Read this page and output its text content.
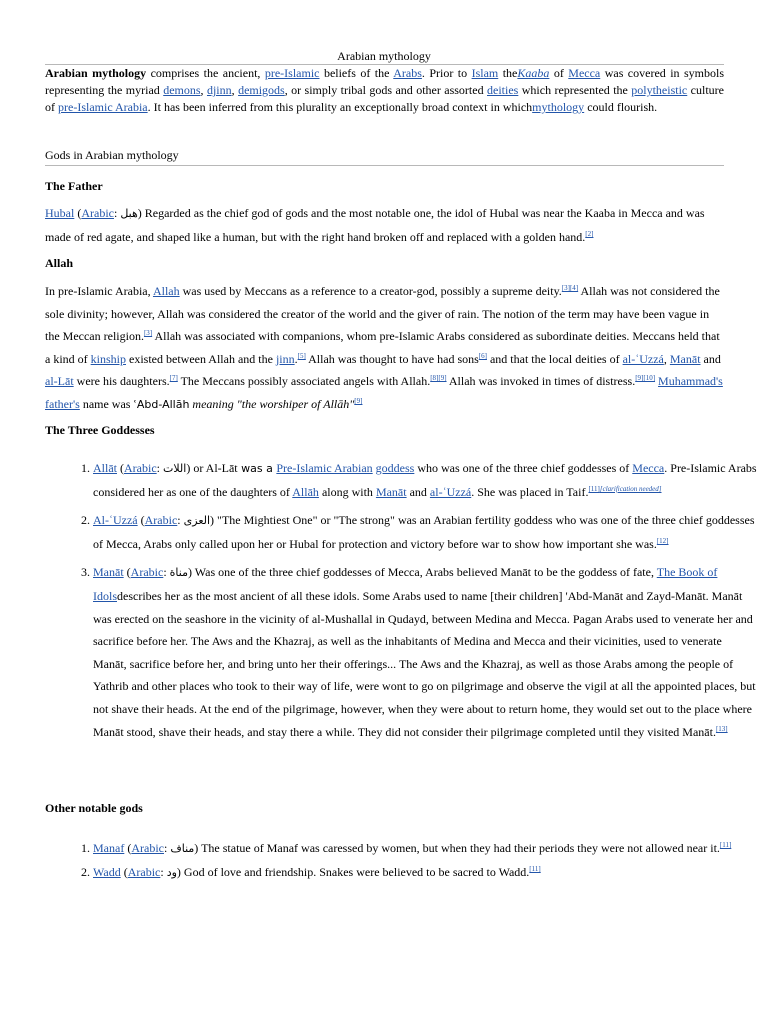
Arabian mythology

Arabian mythology comprises the ancient, pre-Islamic beliefs of the Arabs. Prior to Islam theKaaba of Mecca was covered in symbols representing the myriad demons, djinn, demigods, or simply tribal gods and other assorted deities which represented the polytheistic culture of pre-Islamic Arabia. It has been inferred from this plurality an exceptionally broad context in whichmythology could flourish.

Gods in Arabian mythology
The Father

Hubal (Arabic: هبل) Regarded as the chief god of gods and the most notable one, the idol of Hubal was near the Kaaba in Mecca and was made of red agate, and shaped like a human, but with the right hand broken off and replaced with a golden hand.[2]

Allah

In pre-Islamic Arabia, Allah was used by Meccans as a reference to a creator-god, possibly a supreme deity.[3][4] Allah was not considered the sole divinity; however, Allah was considered the creator of the world and the giver of rain. The notion of the term may have been vague in the Meccan religion.[3] Allah was associated with companions, whom pre-Islamic Arabs considered as subordinate deities. Meccans held that a kind of kinship existed between Allah and the jinn.[5] Allah was thought to have had sons[6] and that the local deities of al-ʿUzzá, Manāt and al-Lāt were his daughters.[7] The Meccans possibly associated angels with Allah.[8][9] Allah was invoked in times of distress.[9][10] Muhammad's father's name was ʿAbd-Allāh meaning "the worshiper of Allāh"[9]

The Three Goddesses
1. Allāt (Arabic: اللات) or Al-Lāt was a Pre-Islamic Arabian goddess who was one of the three chief goddesses of Mecca. Pre-Islamic Arabs considered her as one of the daughters of Allāh along with Manāt and al-ʿUzzá. She was placed in Taif.[11][clarification needed]
2. Al-ʿUzzá (Arabic: العزى) "The Mightiest One" or "The strong" was an Arabian fertility goddess who was one of the three chief goddesses of Mecca, Arabs only called upon her or Hubal for protection and victory before war to show how important she was.[12]
3. Manāt (Arabic: مناة) Was one of the three chief goddesses of Mecca, Arabs believed Manāt to be the goddess of fate, The Book of Idolsdescribes her as the most ancient of all these idols. Some Arabs used to name [their children] 'Abd-Manāt and Zayd-Manāt. Manāt was erected on the seashore in the vicinity of al-Mushallal in Qudayd, between Medina and Mecca. Pagan Arabs used to venerate her and sacrifice before her. The Aws and the Khazraj, as well as the inhabitants of Medina and Mecca and their vicinities, used to venerate Manāt, sacrifice before her, and bring unto her their offerings... The Aws and the Khazraj, as well as those Arabs among the people of Yathrib and other places who took to their way of life, were wont to go on pilgrimage and observe the vigil at all the appointed places, but not shave their heads. At the end of the pilgrimage, however, when they were about to return home, they would set out to the place where Manāt stood, shave their heads, and stay there a while. They did not consider their pilgrimage completed until they visited Manāt.[13]
Other notable gods
1. Manaf (Arabic: مناف) The statue of Manaf was caressed by women, but when they had their periods they were not allowed near it.[11]
2. Wadd (Arabic: ود) God of love and friendship. Snakes were believed to be sacred to Wadd.[11]
